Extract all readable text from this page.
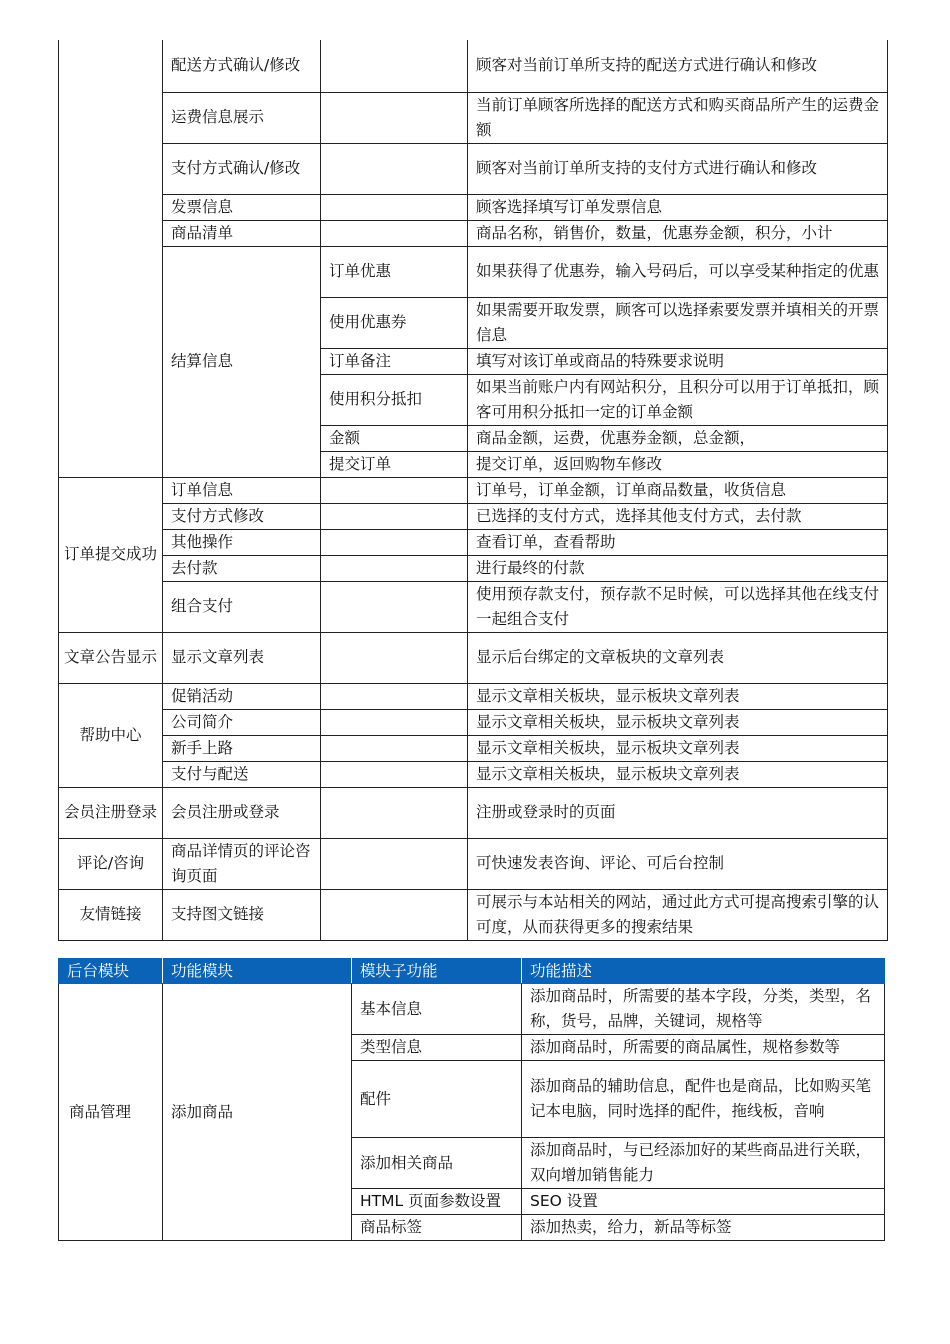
	配送方式确认/修改		顾客对当前订单所支持的配送方式进行确认和修改
	运费信息展示		当前订单顾客所选择的配送方式和购买商品所产生的运费金额
	支付方式确认/修改		顾客对当前订单所支持的支付方式进行确认和修改
	发票信息		顾客选择填写订单发票信息
	商品清单		商品名称，销售价，数量，优惠券金额，积分，小计
	结算信息	订单优惠	如果获得了优惠券，输入号码后，可以享受某种指定的优惠
		使用优惠券	如果需要开取发票，顾客可以选择索要发票并填相关的开票信息
		订单备注	填写对该订单或商品的特殊要求说明
		使用积分抵扣	如果当前账户内有网站积分，且积分可以用于订单抵扣，顾客可用积分抵扣一定的订单金额
		金额	商品金额，运费，优惠券金额，总金额，
		提交订单	提交订单，返回购物车修改
订单提交成功	订单信息		订单号，订单金额，订单商品数量，收货信息
	支付方式修改		已选择的支付方式，选择其他支付方式，去付款
	其他操作		查看订单，查看帮助
	去付款		进行最终的付款
	组合支付		使用预存款支付，预存款不足时候，可以选择其他在线支付一起组合支付
文章公告显示	显示文章列表		显示后台绑定的文章板块的文章列表
帮助中心	促销活动		显示文章相关板块，显示板块文章列表
	公司简介		显示文章相关板块，显示板块文章列表
	新手上路		显示文章相关板块，显示板块文章列表
	支付与配送		显示文章相关板块，显示板块文章列表
会员注册登录	会员注册或登录		注册或登录时的页面
评论/咨询	商品详情页的评论咨询页面		可快速发表咨询、评论、可后台控制
友情链接	支持图文链接		可展示与本站相关的网站，通过此方式可提高搜索引擎的认可度，从而获得更多的搜索结果
后台模块	功能模块	模块子功能	功能描述
商品管理	添加商品	基本信息	添加商品时，所需要的基本字段，分类，类型，名称，货号，品牌，关键词，规格等
		类型信息	添加商品时，所需要的商品属性，规格参数等
		配件	添加商品的辅助信息，配件也是商品，比如购买笔记本电脑，同时选择的配件，拖线板，音响
		添加相关商品	添加商品时，与已经添加好的某些商品进行关联，双向增加销售能力
		HTML 页面参数设置	SEO 设置
		商品标签	添加热卖，给力，新品等标签
